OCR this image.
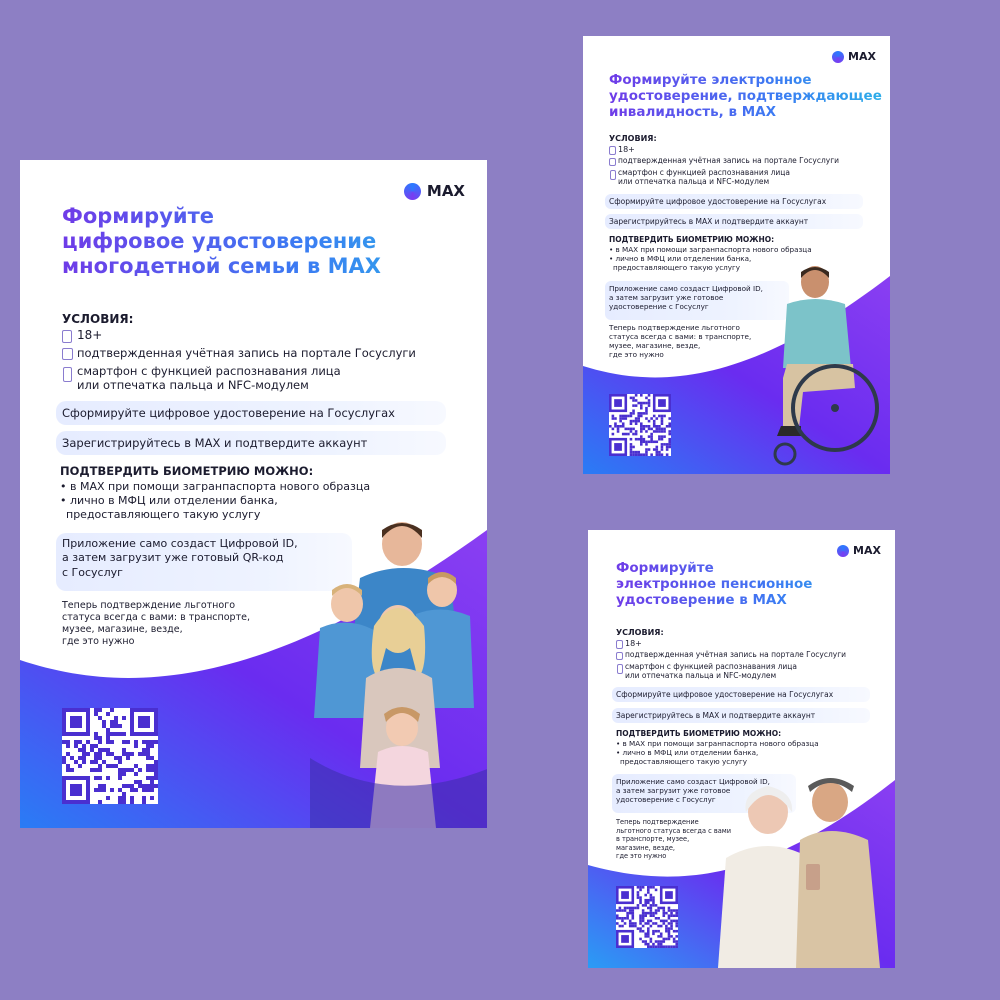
MAX
Формируйте
цифровое удостоверение
многодетной семьи в MAX
УСЛОВИЯ:
18+
подтвержденная учётная запись на портале Госуслуги
смартфон с функцией распознавания лица
или отпечатка пальца и NFC-модулем
Сформируйте цифровое удостоверение на Госуслугах
Зарегистрируйтесь в MAX и подтвердите аккаунт
ПОДТВЕРДИТЬ БИОМЕТРИЮ МОЖНО:
• в MAX при помощи загранпаспорта нового образца
• лично в МФЦ или отделении банка,
предоставляющего такую услугу
Приложение само создаст Цифровой ID,
а затем загрузит уже готовый QR-код
с Госуслуг
Теперь подтверждение льготного
статуса всегда с вами: в транспорте,
музее, магазине, везде,
где это нужно
MAX
Формируйте электронное
удостоверение, подтверждающее
инвалидность, в MAX
УСЛОВИЯ:
18+
подтвержденная учётная запись на портале Госуслуги
смартфон с функцией распознавания лица
или отпечатка пальца и NFC-модулем
Сформируйте цифровое удостоверение на Госуслугах
Зарегистрируйтесь в MAX и подтвердите аккаунт
ПОДТВЕРДИТЬ БИОМЕТРИЮ МОЖНО:
• в MAX при помощи загранпаспорта нового образца
• лично в МФЦ или отделении банка,
предоставляющего такую услугу
Приложение само создаст Цифровой ID,
а затем загрузит уже готовое
удостоверение с Госуслуг
Теперь подтверждение льготного
статуса всегда с вами: в транспорте,
музее, магазине, везде,
где это нужно
MAX
Формируйте
электронное пенсионное
удостоверение в MAX
УСЛОВИЯ:
18+
подтвержденная учётная запись на портале Госуслуги
смартфон с функцией распознавания лица
или отпечатка пальца и NFC-модулем
Сформируйте цифровое удостоверение на Госуслугах
Зарегистрируйтесь в MAX и подтвердите аккаунт
ПОДТВЕРДИТЬ БИОМЕТРИЮ МОЖНО:
• в MAX при помощи загранпаспорта нового образца
• лично в МФЦ или отделении банка,
предоставляющего такую услугу
Приложение само создаст Цифровой ID,
а затем загрузит уже готовое
удостоверение с Госуслуг
Теперь подтверждение
льготного статуса всегда с вами
в транспорте, музее,
магазине, везде,
где это нужно
